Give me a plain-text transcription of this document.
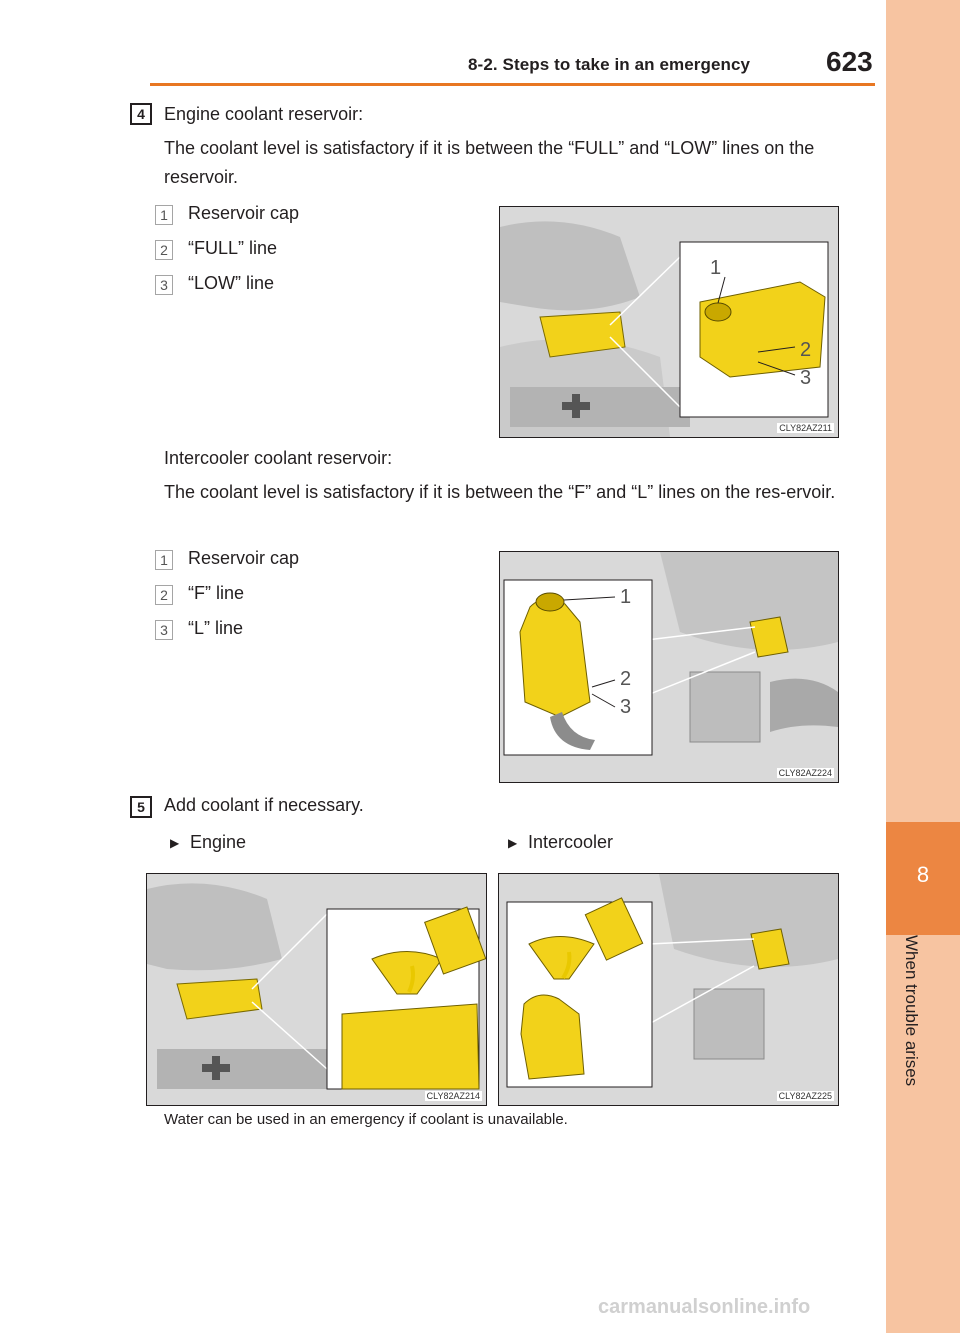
8-2. Steps to take in an emergency	623
8
When trouble arises
4	Engine coolant reservoir:
The coolant level is satisfactory if it is between the “FULL” and “LOW” lines on the reservoir.
1 Reservoir cap
2 “FULL” line
3 “LOW” line
1
2
3
CLY82AZ211
Intercooler coolant reservoir:
The coolant level is satisfactory if it is between the “F” and “L” lines on the res-ervoir.
1 Reservoir cap
2 “F” line
3 “L” line
1
2
3
CLY82AZ224
5	Add coolant if necessary.
▶ Engine	▶ Intercooler
CLY82AZ214	CLY82AZ225
Water can be used in an emergency if coolant is unavailable.
carmanualsonline.info
